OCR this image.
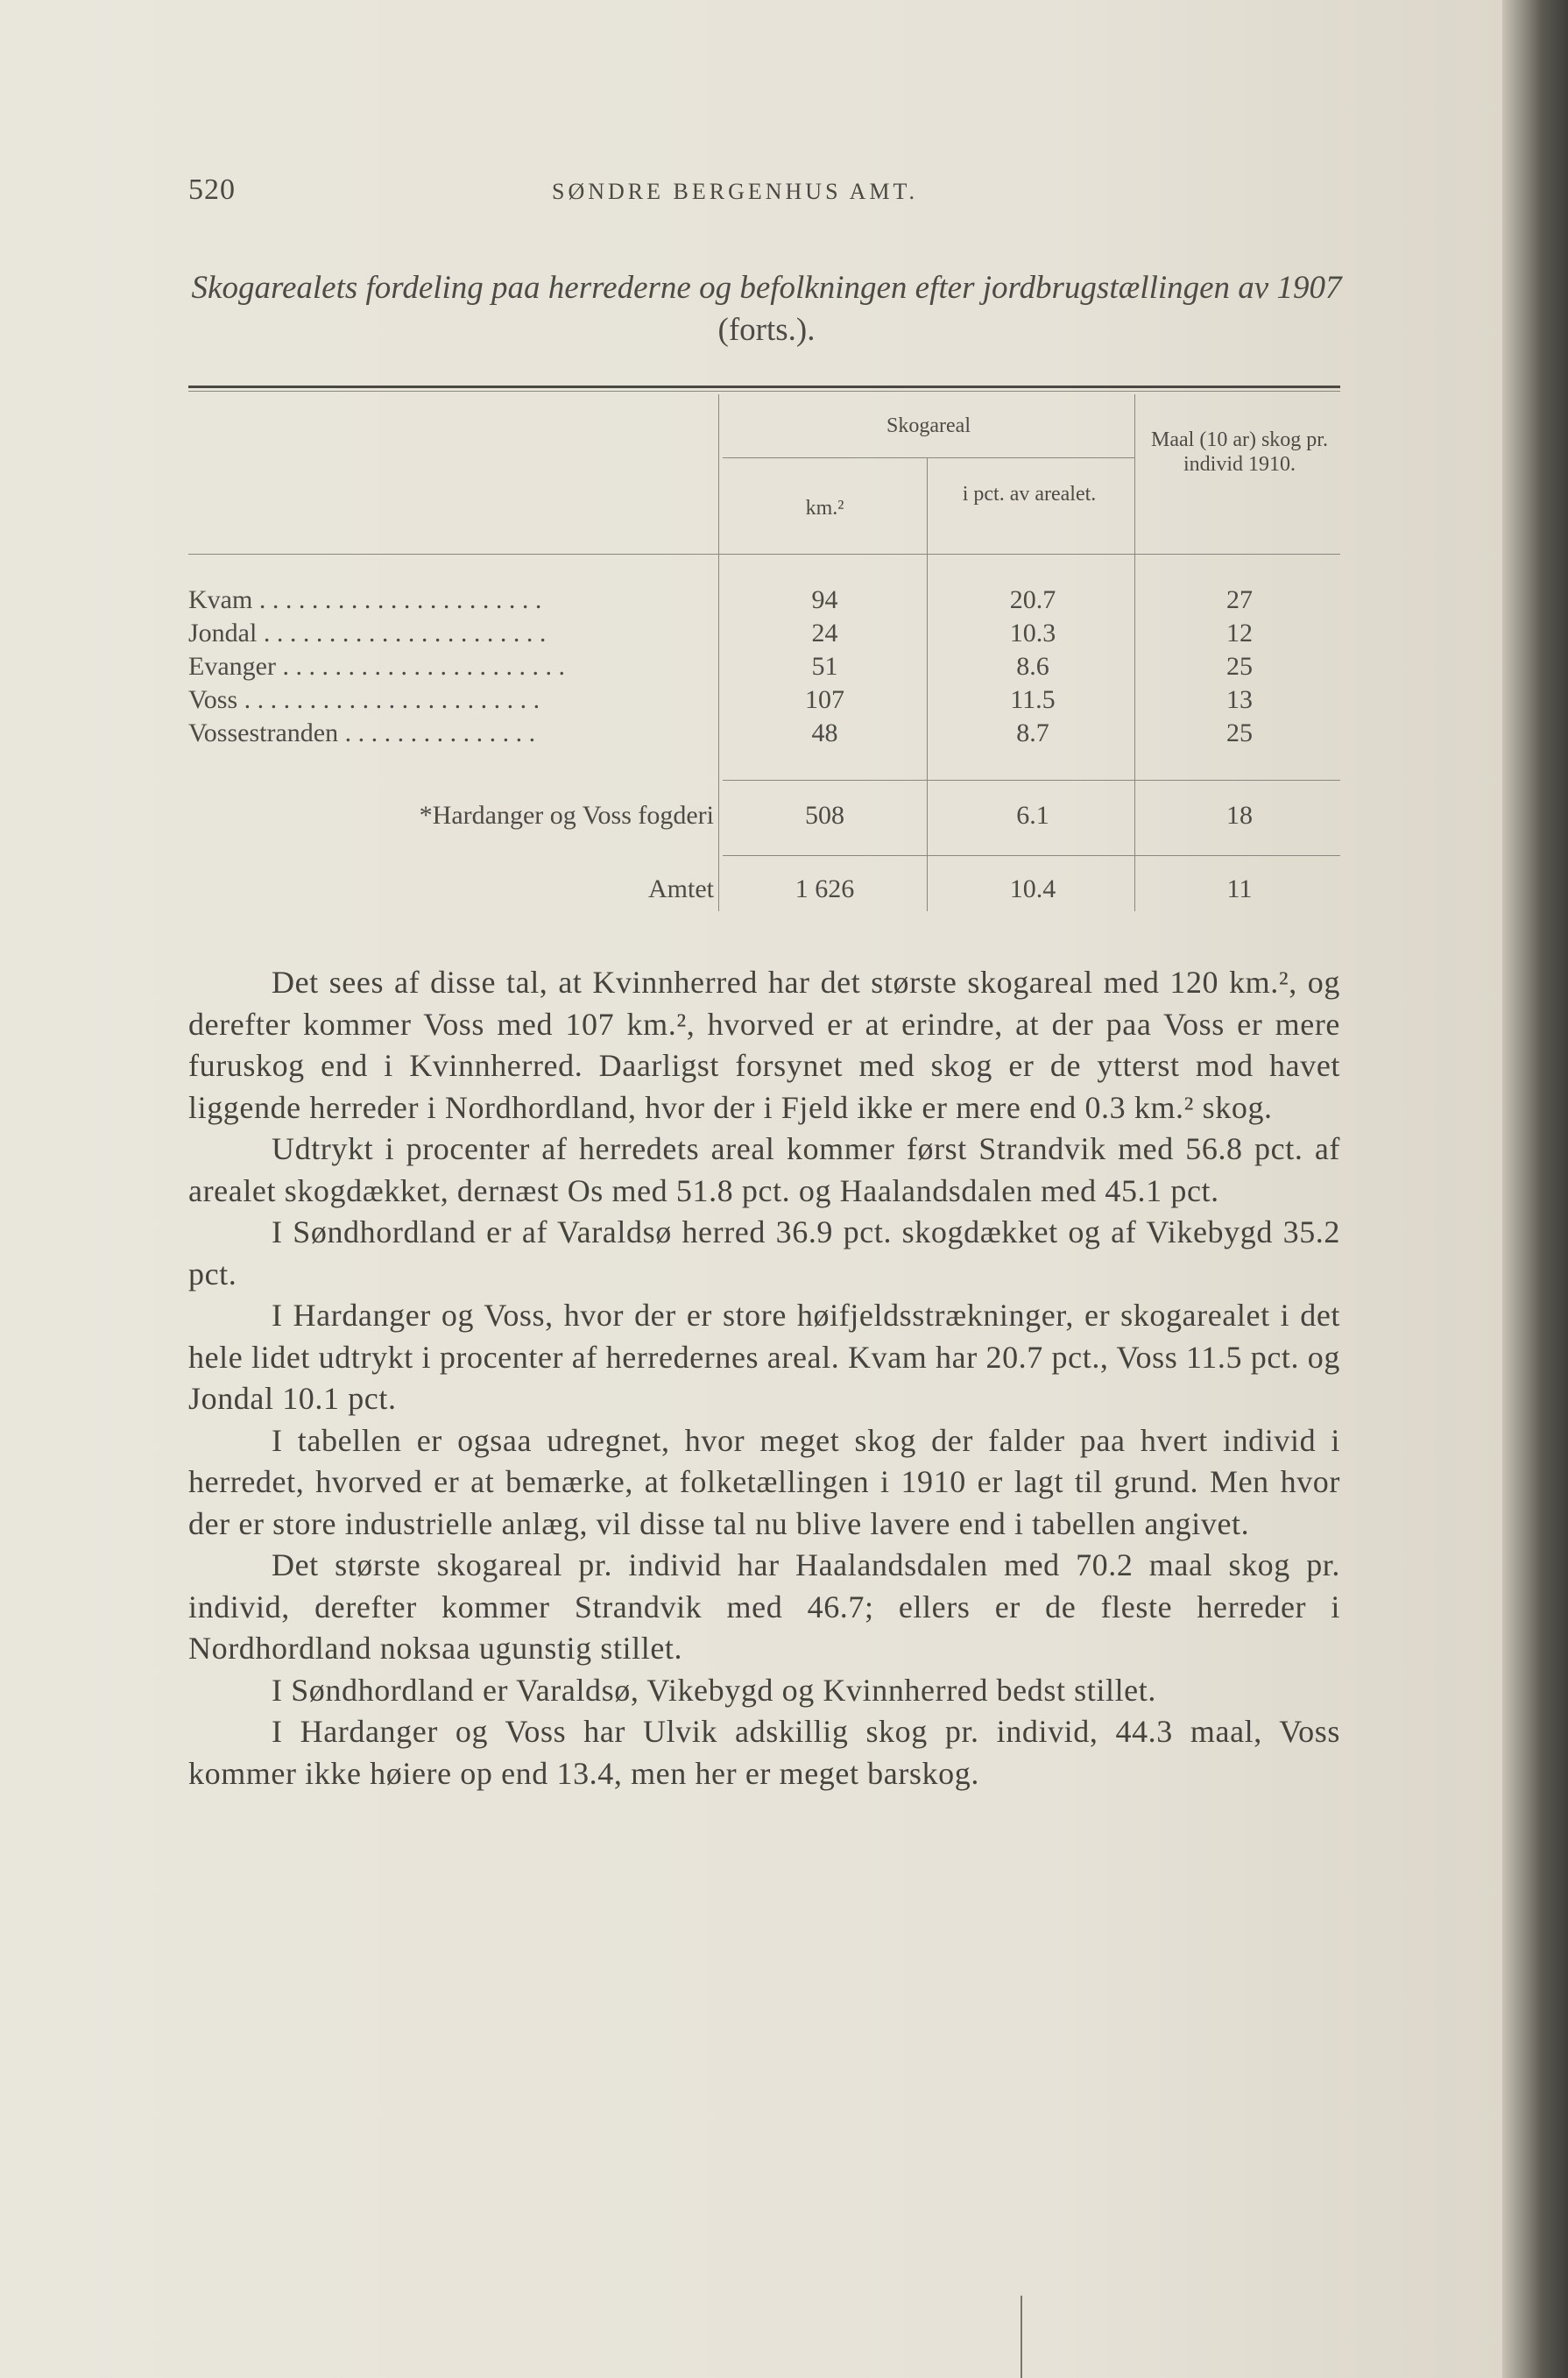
520	SØNDRE BERGENHUS AMT.
Skogarealets fordeling paa herrederne og befolkningen efter jordbrugstællingen av 1907 (forts.).
Skogareal
km.²
i pct. av arealet.
Maal (10 ar) skog pr. individ 1910.
Kvam . . . . . . . . . . . . . . . . . . . . . .	94	20.7	27
Jondal . . . . . . . . . . . . . . . . . . . . . .	24	10.3	12
Evanger . . . . . . . . . . . . . . . . . . . . . .	51	8.6	25
Voss . . . . . . . . . . . . . . . . . . . . . . .	107	11.5	13
Vossestranden . . . . . . . . . . . . . . .	48	8.7	25
*Hardanger og Voss fogderi	508	6.1	18
Amtet	1 626	10.4	11

Det sees af disse tal, at Kvinnherred har det største skogareal med 120 km.², og derefter kommer Voss med 107 km.², hvorved er at erindre, at der paa Voss er mere furuskog end i Kvinnherred. Daarligst forsynet med skog er de ytterst mod havet liggende herreder i Nordhordland, hvor der i Fjeld ikke er mere end 0.3 km.² skog.

Udtrykt i procenter af herredets areal kommer først Strandvik med 56.8 pct. af arealet skogdækket, dernæst Os med 51.8 pct. og Haalandsdalen med 45.1 pct.

I Søndhordland er af Varaldsø herred 36.9 pct. skogdækket og af Vikebygd 35.2 pct.

I Hardanger og Voss, hvor der er store høifjeldsstrækninger, er skogarealet i det hele lidet udtrykt i procenter af herredernes areal. Kvam har 20.7 pct., Voss 11.5 pct. og Jondal 10.1 pct.

I tabellen er ogsaa udregnet, hvor meget skog der falder paa hvert individ i herredet, hvorved er at bemærke, at folketællingen i 1910 er lagt til grund. Men hvor der er store industrielle anlæg, vil disse tal nu blive lavere end i tabellen angivet.

Det største skogareal pr. individ har Haalandsdalen med 70.2 maal skog pr. individ, derefter kommer Strandvik med 46.7; ellers er de fleste herreder i Nordhordland noksaa ugunstig stillet.

I Søndhordland er Varaldsø, Vikebygd og Kvinnherred bedst stillet.

I Hardanger og Voss har Ulvik adskillig skog pr. individ, 44.3 maal, Voss kommer ikke høiere op end 13.4, men her er meget barskog.
